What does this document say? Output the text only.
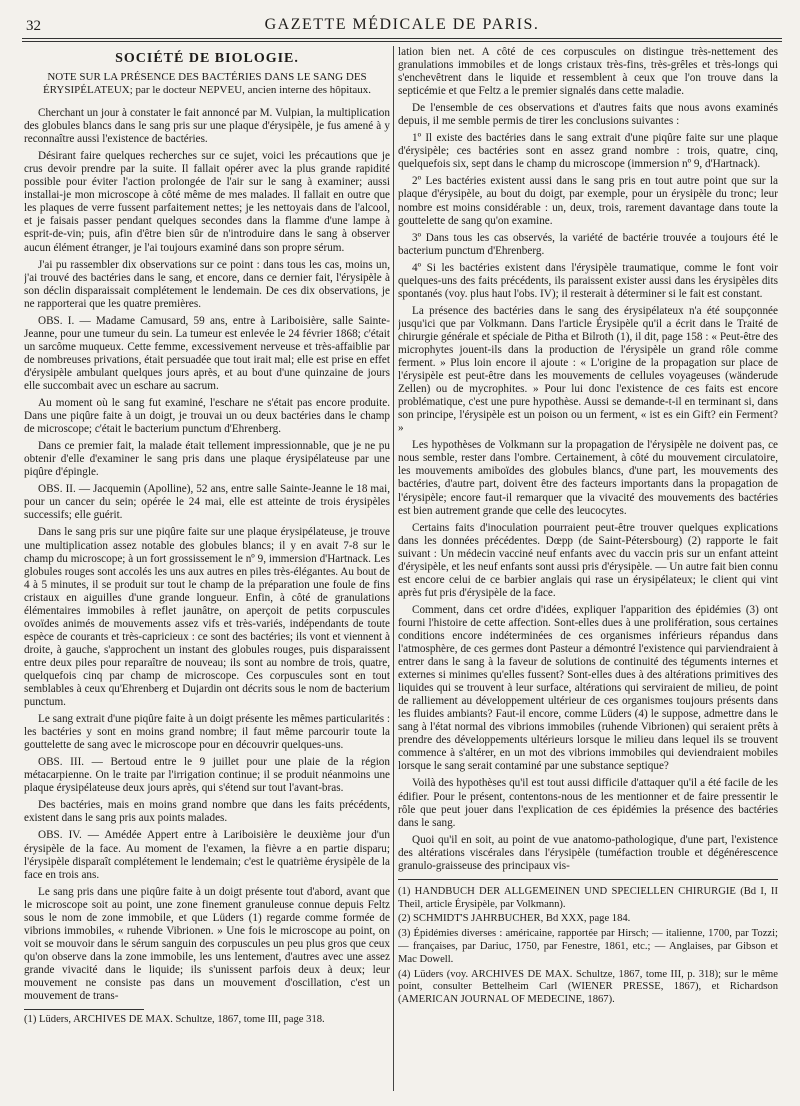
32	GAZETTE MÉDICALE DE PARIS.
SOCIÉTÉ DE BIOLOGIE.
NOTE SUR LA PRÉSENCE DES BACTÉRIES DANS LE SANG DES ÉRYSIPÉLATEUX; par le docteur NEPVEU, ancien interne des hôpitaux.

Cherchant un jour à constater le fait annoncé par M. Vulpian, la multiplication des globules blancs dans le sang pris sur une plaque d'érysipèle, je fus amené à y reconnaître aussi l'existence de bactéries.

Désirant faire quelques recherches sur ce sujet, voici les précautions que je crus devoir prendre par la suite. Il fallait opérer avec la plus grande rapidité possible pour éviter l'action prolongée de l'air sur le sang à examiner; aussi installai-je mon microscope à côté même de mes malades. Il fallait en outre que les plaques de verre fussent parfaitement nettes; je les nettoyais dans de l'alcool, et je faisais passer pendant quelques secondes dans la flamme d'une lampe à esprit-de-vin; puis, afin d'être bien sûr de n'introduire dans le sang à observer aucun élément étranger, je l'ai toujours examiné dans son propre sérum.

J'ai pu rassembler dix observations sur ce point : dans tous les cas, moins un, j'ai trouvé des bactéries dans le sang, et encore, dans ce dernier fait, l'érysipèle à son déclin disparaissait complétement le lendemain. De ces dix observations, je ne rapporterai que les quatre premières.

OBS. I. — Madame Camusard, 59 ans, entre à Lariboisière, salle Sainte-Jeanne, pour une tumeur du sein. La tumeur est enlevée le 24 février 1868; c'était un sarcôme muqueux. Cette femme, excessivement nerveuse et très-affaiblie par de nombreuses privations, était persuadée que tout irait mal; elle est prise en effet d'érysipèle ambulant quelques jours après, et au bout d'une quinzaine de jours elle succombait avec un eschare au sacrum.

Au moment où le sang fut examiné, l'eschare ne s'était pas encore produite. Dans une piqûre faite à un doigt, je trouvai un ou deux bactéries dans le champ de microscope; c'était le bacterium punctum d'Ehrenberg.

Dans ce premier fait, la malade était tellement impressionnable, que je ne pu obtenir d'elle d'examiner le sang pris dans une plaque érysipélateuse par une piqûre d'épingle.

OBS. II. — Jacquemin (Apolline), 52 ans, entre salle Sainte-Jeanne le 18 mai, pour un cancer du sein; opérée le 24 mai, elle est atteinte de trois érysipèles successifs; elle guérit.

Dans le sang pris sur une piqûre faite sur une plaque érysipélateuse, je trouve une multiplication assez notable des globules blancs; il y en avait 7-8 sur le champ du microscope; à un fort grossissement le nº 9, immersion d'Hartnack. Les globules rouges sont accolés les uns aux autres en piles très-élégantes. Au bout de 4 à 5 minutes, il se produit sur tout le champ de la préparation une foule de fins cristaux en aiguilles d'une grande longueur. Enfin, à côté de granulations élémentaires immobiles à reflet jaunâtre, on aperçoit de petits corpuscules ovoïdes animés de mouvements assez vifs et très-variés, indépendants de toute espèce de courants et très-capricieux : ce sont des bactéries; ils vont et viennent à droite, à gauche, s'approchent un instant des globules rouges, puis disparaissent entre deux piles pour reparaître de nouveau; ils sont au nombre de trois, quatre, quelquefois cinq par champ de microscope. Ces corpuscules sont en tout semblables à ceux qu'Ehrenberg et Dujardin ont décrits sous le nom de bacterium punctum.

Le sang extrait d'une piqûre faite à un doigt présente les mêmes particularités : les bactéries y sont en moins grand nombre; il faut même parcourir toute la gouttelette de sang avec le microscope pour en découvrir quelques-uns.

OBS. III. — Bertoud entre le 9 juillet pour une plaie de la région métacarpienne. On le traite par l'irrigation continue; il se produit néanmoins une plaque érysipélateuse deux jours après, qui s'étend sur tout l'avant-bras.

Des bactéries, mais en moins grand nombre que dans les faits précédents, existent dans le sang pris aux points malades.

OBS. IV. — Amédée Appert entre à Lariboisière le deuxième jour d'un érysipèle de la face. Au moment de l'examen, la fièvre a en partie disparu; l'érysipèle disparaît complétement le lendemain; c'est le quatrième érysipèle de la face en trois ans.

Le sang pris dans une piqûre faite à un doigt présente tout d'abord, avant que le microscope soit au point, une zone finement granuleuse connue depuis Feltz sous le nom de zone immobile, et que Lüders (1) regarde comme formée de vibrions immobiles, « ruhende Vibrionen. » Une fois le microscope au point, on voit se mouvoir dans le sérum sanguin des corpuscules un peu plus gros que ceux qu'on observe dans la zone immobile, les uns lentement, d'autres avec une assez grande vivacité dans le liquide; ils s'unissent parfois deux à deux; leur mouvement ne consiste pas dans un mouvement d'oscillation, c'est un mouvement de trans-

(1) Lüders, ARCHIVES DE MAX. Schultze, 1867, tome III, page 318.

lation bien net. A côté de ces corpuscules on distingue très-nettement des granulations immobiles et de longs cristaux très-fins, très-grêles et très-longs qui s'enchevêtrent dans le liquide et ressemblent à ceux que l'on trouve dans la septicémie et que Feltz a le premier signalés dans cette maladie.

De l'ensemble de ces observations et d'autres faits que nous avons examinés depuis, il me semble permis de tirer les conclusions suivantes :

1º Il existe des bactéries dans le sang extrait d'une piqûre faite sur une plaque d'érysipèle; ces bactéries sont en assez grand nombre : trois, quatre, cinq, quelquefois six, sept dans le champ du microscope (immersion nº 9, d'Hartnack).

2º Les bactéries existent aussi dans le sang pris en tout autre point que sur la plaque d'érysipèle, au bout du doigt, par exemple, pour un érysipèle du tronc; leur nombre est moins considérable : un, deux, trois, rarement davantage dans toute la gouttelette de sang qu'on examine.

3º Dans tous les cas observés, la variété de bactérie trouvée a toujours été le bacterium punctum d'Ehrenberg.

4º Si les bactéries existent dans l'érysipèle traumatique, comme le font voir quelques-uns des faits précédents, ils paraissent exister aussi dans les érysipèles dits spontanés (voy. plus haut l'obs. IV); il resterait à déterminer si le fait est constant.

La présence des bactéries dans le sang des érysipélateux n'a été soupçonnée jusqu'ici que par Volkmann. Dans l'article Érysipèle qu'il a écrit dans le Traité de chirurgie générale et spéciale de Pitha et Bilroth (1), il dit, page 158 : « Peut-être des microphytes jouent-ils dans la production de l'érysipèle un grand rôle comme ferment. » Plus loin encore il ajoute : « L'origine de la propagation sur place de l'érysipèle est peut-être dans les mouvements de cellules voyageuses (wänderude Zellen) ou de mycrophites. » Pour lui donc l'existence de ces faits est encore problématique, c'est une pure hypothèse. Aussi se demande-t-il en terminant si, dans son principe, l'érysipèle est un poison ou un ferment, « ist es ein Gift? ein Ferment? »

Les hypothèses de Volkmann sur la propagation de l'érysipèle ne doivent pas, ce nous semble, rester dans l'ombre. Certainement, à côté du mouvement circulatoire, les mouvements amiboïdes des globules blancs, d'une part, les mouvements des bactéries, d'autre part, doivent être des facteurs importants dans la propagation de l'érysipèle; encore faut-il remarquer que la vivacité des mouvements des bactéries est bien autrement grande que celle des leucocytes.

Certains faits d'inoculation pourraient peut-être trouver quelques explications dans les données précédentes. Dœpp (de Saint-Pétersbourg) (2) rapporte le fait suivant : Un médecin vacciné neuf enfants avec du vaccin pris sur un enfant atteint d'érysipèle, et les neuf enfants sont aussi pris d'érysipèle. — Un autre fait bien connu est encore celui de ce barbier anglais qui rase un érysipélateux; le client qui vint après fut pris d'érysipèle de la face.

Comment, dans cet ordre d'idées, expliquer l'apparition des épidémies (3) ont fourni l'histoire de cette affection. Sont-elles dues à une prolifération, sous certaines conditions encore indéterminées de ces organismes inférieurs répandus dans l'atmosphère, de ces germes dont Pasteur a démontré l'existence qui parviendraient à entrer dans le sang à la faveur de solutions de continuité des téguments internes et externes si minimes qu'elles fussent? Sont-elles dues à des altérations primitives des liquides qui se trouvent à leur surface, altérations qui serviraient de milieu, de point de ralliement au développement ultérieur de ces organismes toujours présents dans les fluides ambiants? Faut-il encore, comme Lüders (4) le suppose, admettre dans le sang à l'état normal des vibrions immobiles (ruhende Vibrionen) qui seraient prêts à prendre des développements ultérieurs lorsque le milieu dans lequel ils se trouvent commence à s'altérer, en un mot des vibrions immobiles qui deviendraient mobiles lorsque le sang serait contaminé par une substance septique?

Voilà des hypothèses qu'il est tout aussi difficile d'attaquer qu'il a été facile de les édifier. Pour le présent, contentons-nous de les mentionner et de faire pressentir le rôle que peut jouer dans l'explication de ces épidémies la présence des bactéries dans le sang.

Quoi qu'il en soit, au point de vue anatomo-pathologique, d'une part, l'existence des altérations viscérales dans l'érysipèle (tuméfaction trouble et dégénérescence granulo-graisseuse des principaux vis-

(1) HANDBUCH DER ALLGEMEINEN UND SPECIELLEN CHIRURGIE (Bd I, II Theil, article Érysipèle, par Volkmann).

(2) SCHMIDT'S JAHRBUCHER, Bd XXX, page 184.

(3) Épidémies diverses : américaine, rapportée par Hirsch; — italienne, 1700, par Tozzi; — françaises, par Dariuc, 1750, par Fenestre, 1861, etc.; — Anglaises, par Gibson et Mac Dowell.

(4) Lüders (voy. ARCHIVES DE MAX. Schultze, 1867, tome III, p. 318); sur le même point, consulter Bettelheim Carl (WIENER PRESSE, 1867), et Richardson (AMERICAN JOURNAL OF MEDECINE, 1867).
